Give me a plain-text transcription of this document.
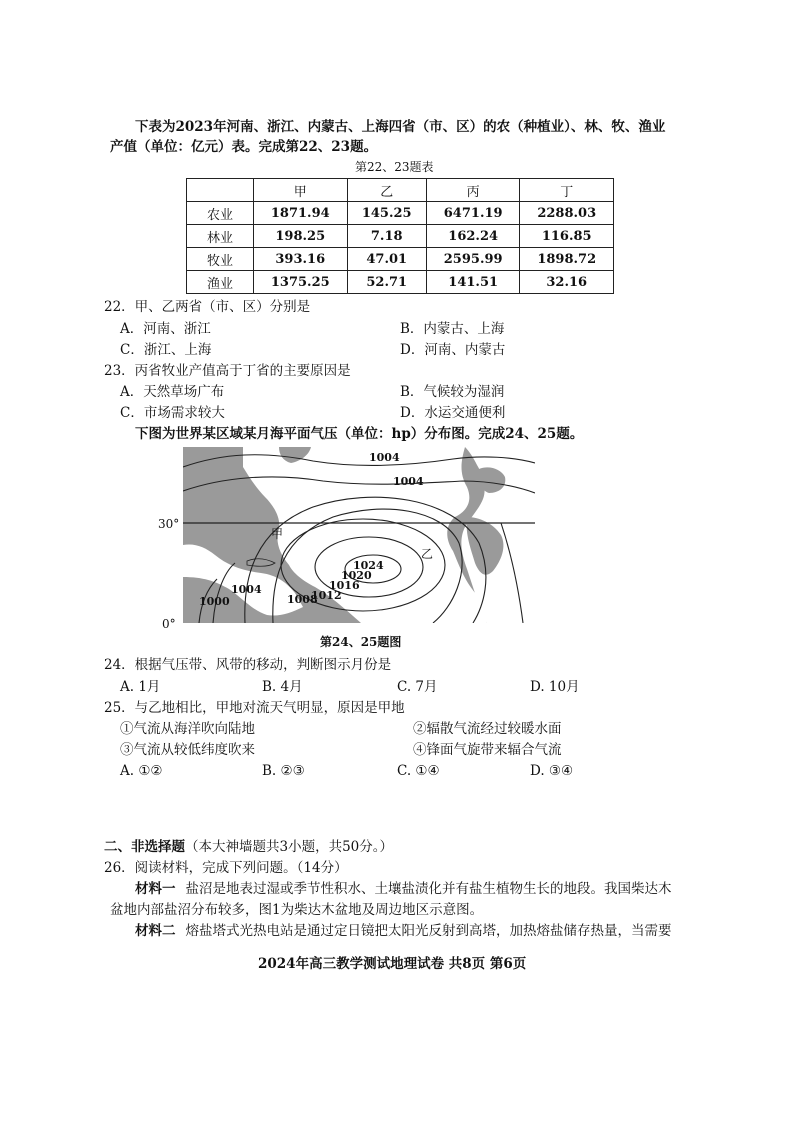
下表为2023年河南、浙江、内蒙古、上海四省（市、区）的农（种植业）、林、牧、渔业
产值（单位：亿元）表。完成第22、23题。
第22、23题表
	甲	乙	丙	丁
农业	1871.94	145.25	6471.19	2288.03
林业	198.25	7.18	162.24	116.85
牧业	393.16	47.01	2595.99	1898.72
渔业	1375.25	52.71	141.51	32.16
22．甲、乙两省（市、区）分别是
A．河南、浙江	B．内蒙古、上海
C．浙江、上海	D．河南、内蒙古
23．丙省牧业产值高于丁省的主要原因是
A．天然草场广布	B．气候较为湿润
C．市场需求较大	D．水运交通便利
下图为世界某区域某月海平面气压（单位：hp）分布图。完成24、25题。
30°
0°
1004
1004
1024
1020
1016
1012
1008
1004
1000
甲
乙
第24、25题图
24．根据气压带、风带的移动，判断图示月份是
A. 1月	B. 4月	C. 7月	D. 10月
25．与乙地相比，甲地对流天气明显，原因是甲地
①气流从海洋吹向陆地	②辐散气流经过较暖水面
③气流从较低纬度吹来	④锋面气旋带来辐合气流
A. ①②	B. ②③	C. ①④	D. ③④
二、非选择题（本大神墙题共3小题，共50分。）
26．阅读材料，完成下列问题。（14分）
材料一 盐沼是地表过湿或季节性积水、土壤盐渍化并有盐生植物生长的地段。我国柴达木
盆地内部盐沼分布较多，图1为柴达木盆地及周边地区示意图。
材料二 熔盐塔式光热电站是通过定日镜把太阳光反射到高塔，加热熔盐储存热量，当需要
2024年高三教学测试地理试卷 共8页 第6页
